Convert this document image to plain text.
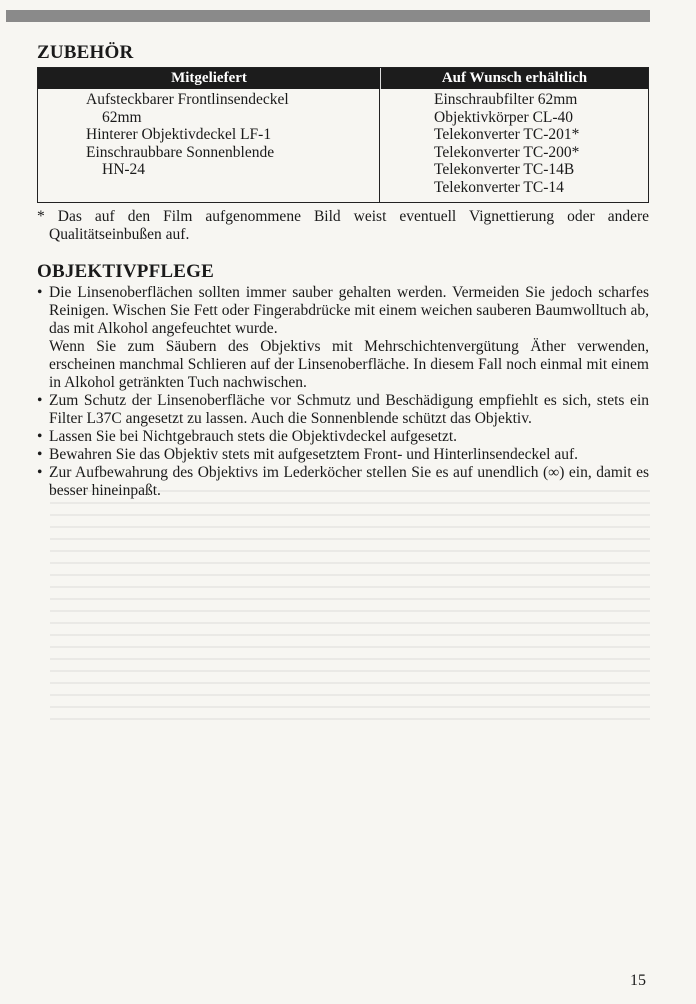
ZUBEHÖR
Mitgeliefert	Auf Wunsch erhältlich
Aufsteckbarer Frontlinsendeckel
62mm
Hinterer Objektivdeckel LF-1
Einschraubbare Sonnenblende
HN-24
Einschraubfilter 62mm
Objektivkörper CL-40
Telekonverter TC-201*
Telekonverter TC-200*
Telekonverter TC-14B
Telekonverter TC-14
* Das auf den Film aufgenommene Bild weist eventuell Vignettierung oder andere
Qualitätseinbußen auf.
OBJEKTIVPFLEGE
• Die Linsenoberflächen sollten immer sauber gehalten werden. Vermeiden Sie jedoch scharfes Reinigen. Wischen Sie Fett oder Fingerabdrücke mit einem weichen sauberen Baumwolltuch ab, das mit Alkohol angefeuchtet wurde.
Wenn Sie zum Säubern des Objektivs mit Mehrschichtenvergütung Äther verwenden, erscheinen manchmal Schlieren auf der Linsenoberfläche. In diesem Fall noch einmal mit einem in Alkohol getränkten Tuch nachwischen.
• Zum Schutz der Linsenoberfläche vor Schmutz und Beschädigung empfiehlt es sich, stets ein Filter L37C angesetzt zu lassen. Auch die Sonnenblende schützt das Objektiv.
• Lassen Sie bei Nichtgebrauch stets die Objektivdeckel aufgesetzt.
• Bewahren Sie das Objektiv stets mit aufgesetztem Front- und Hinterlinsendeckel auf.
• Zur Aufbewahrung des Objektivs im Lederköcher stellen Sie es auf unendlich (∞) ein, damit es besser hineinpaßt.
15
